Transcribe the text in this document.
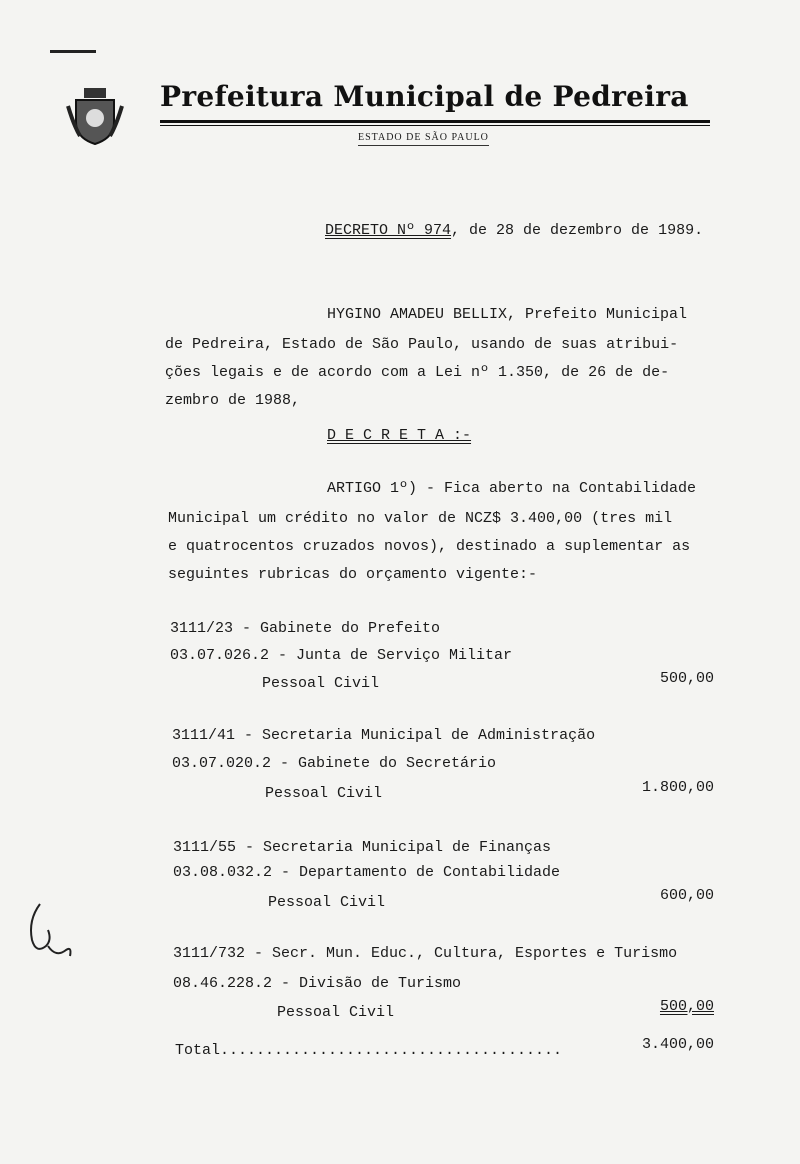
Prefeitura Municipal de Pedreira
ESTADO DE SÃO PAULO
DECRETO Nº 974, de 28 de dezembro de 1989.
HYGINO AMADEU BELLIX, Prefeito Municipal
de Pedreira, Estado de São Paulo, usando de suas atribui-
ções legais e de acordo com a Lei nº 1.350, de 26 de de-
zembro de 1988,
D E C R E T A :-
ARTIGO 1º) - Fica aberto na Contabilidade
Municipal um crédito no valor de NCZ$ 3.400,00 (tres mil
e quatrocentos cruzados novos), destinado a suplementar as
seguintes rubricas do orçamento vigente:-
3111/23 - Gabinete do Prefeito
03.07.026.2 - Junta de Serviço Militar
Pessoal Civil	500,00
3111/41 - Secretaria Municipal de Administração
03.07.020.2 - Gabinete do Secretário
Pessoal Civil	1.800,00
3111/55 - Secretaria Municipal de Finanças
03.08.032.2 - Departamento de Contabilidade
Pessoal Civil	600,00
3111/732 - Secr. Mun. Educ., Cultura, Esportes e Turismo
08.46.228.2 - Divisão de Turismo
Pessoal Civil	500,00
Total......................................	3.400,00
